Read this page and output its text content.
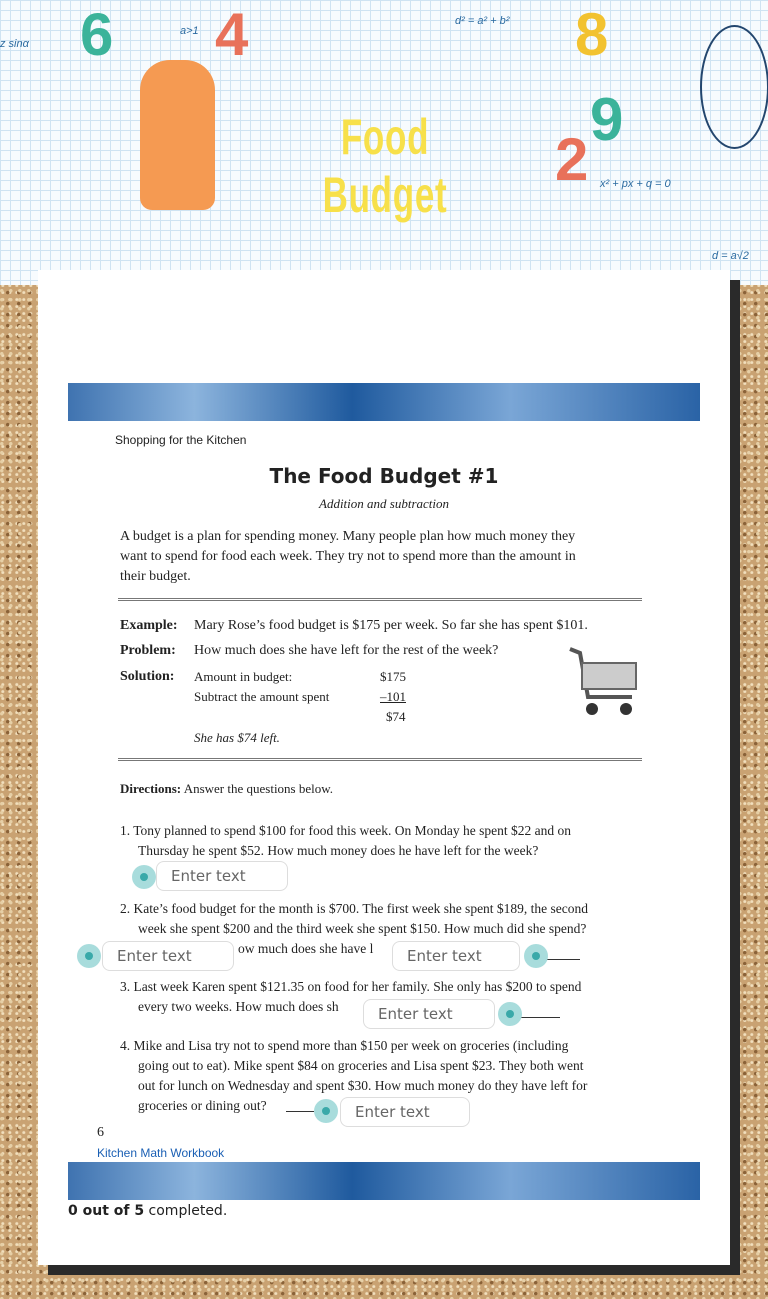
6 4	8
9
2
d² = a² + b²
a>1
x² + px + q = 0
d = a√2
z sinα
Food Budget
Shopping for the Kitchen
The Food Budget #1
Addition and subtraction
A budget is a plan for spending money. Many people plan how much money they
want to spend for food each week. They try not to spend more than the amount in
their budget.
Example: Mary Rose’s food budget is $175 per week. So far she has spent $101.
Problem: How much does she have left for the rest of the week?
Solution: Amount in budget:	$175
Subtract the amount spent	–101
$74
She has $74 left.
Directions: Answer the questions below.
1. Tony planned to spend $100 for food this week. On Monday he spent $22 and on
Thursday he spent $52. How much money does he have left for the week?
2. Kate’s food budget for the month is $700. The first week she spent $189, the second
week she spent $200 and the third week she spent $150. How much did she spend?
ow much does she have l
3. Last week Karen spent $121.35 on food for her family. She only has $200 to spend
every two weeks. How much does sh
4. Mike and Lisa try not to spend more than $150 per week on groceries (including
going out to eat). Mike spent $84 on groceries and Lisa spent $23. They both went
out for lunch on Wednesday and spent $30. How much money do they have left for
groceries or dining out?
Enter text
Enter text	Enter text
Enter text
Enter text
6
Kitchen Math Workbook
0 out of 5 completed.
